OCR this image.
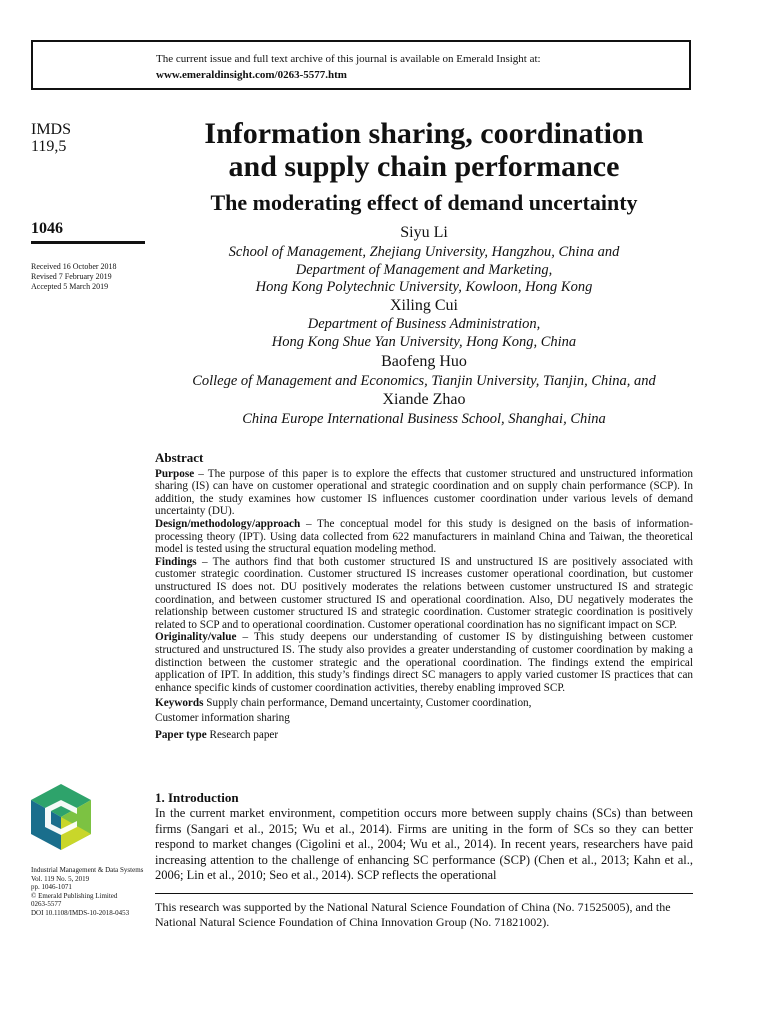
The current issue and full text archive of this journal is available on Emerald Insight at:
www.emeraldinsight.com/0263-5577.htm
IMDS
119,5
1046
Received 16 October 2018
Revised 7 February 2019
Accepted 5 March 2019
Information sharing, coordination
and supply chain performance
The moderating effect of demand uncertainty
Siyu Li
School of Management, Zhejiang University, Hangzhou, China and
Department of Management and Marketing,
Hong Kong Polytechnic University, Kowloon, Hong Kong
Xiling Cui
Department of Business Administration,
Hong Kong Shue Yan University, Hong Kong, China
Baofeng Huo
College of Management and Economics, Tianjin University, Tianjin, China, and
Xiande Zhao
China Europe International Business School, Shanghai, China
Abstract

Purpose – The purpose of this paper is to explore the effects that customer structured and unstructured information sharing (IS) can have on customer operational and strategic coordination and on supply chain performance (SCP). In addition, the study examines how customer IS influences customer coordination under various levels of demand uncertainty (DU).

Design/methodology/approach – The conceptual model for this study is designed on the basis of information-processing theory (IPT). Using data collected from 622 manufacturers in mainland China and Taiwan, the theoretical model is tested using the structural equation modeling method.

Findings – The authors find that both customer structured IS and unstructured IS are positively associated with customer strategic coordination. Customer structured IS increases customer operational coordination, but customer unstructured IS does not. DU positively moderates the relations between customer unstructured IS and strategic coordination, and between customer structured IS and operational coordination. Also, DU negatively moderates the relationship between customer structured IS and strategic coordination. Customer strategic coordination is positively related to SCP and to operational coordination. Customer operational coordination has no significant impact on SCP.

Originality/value – This study deepens our understanding of customer IS by distinguishing between customer structured and unstructured IS. The study also provides a greater understanding of customer coordination by making a distinction between the customer strategic and the operational coordination. The findings extend the empirical application of IPT. In addition, this study’s findings direct SC managers to apply varied customer IS practices that can enhance specific kinds of customer coordination activities, thereby enabling improved SCP.

Keywords Supply chain performance, Demand uncertainty, Customer coordination,
Customer information sharing

Paper type Research paper

1. Introduction
In the current market environment, competition occurs more between supply chains (SCs) than between firms (Sangari et al., 2015; Wu et al., 2014). Firms are uniting in the form of SCs so they can better respond to market changes (Cigolini et al., 2004; Wu et al., 2014). In recent years, researchers have paid increasing attention to the challenge of enhancing SC performance (SCP) (Chen et al., 2013; Kahn et al., 2006; Lin et al., 2010; Seo et al., 2014). SCP reflects the operational
This research was supported by the National Natural Science Foundation of China (No. 71525005), and the National Natural Science Foundation of China Innovation Group (No. 71821002).
Industrial Management & Data Systems
Vol. 119 No. 5, 2019
pp. 1046-1071
© Emerald Publishing Limited
0263-5577
DOI 10.1108/IMDS-10-2018-0453
